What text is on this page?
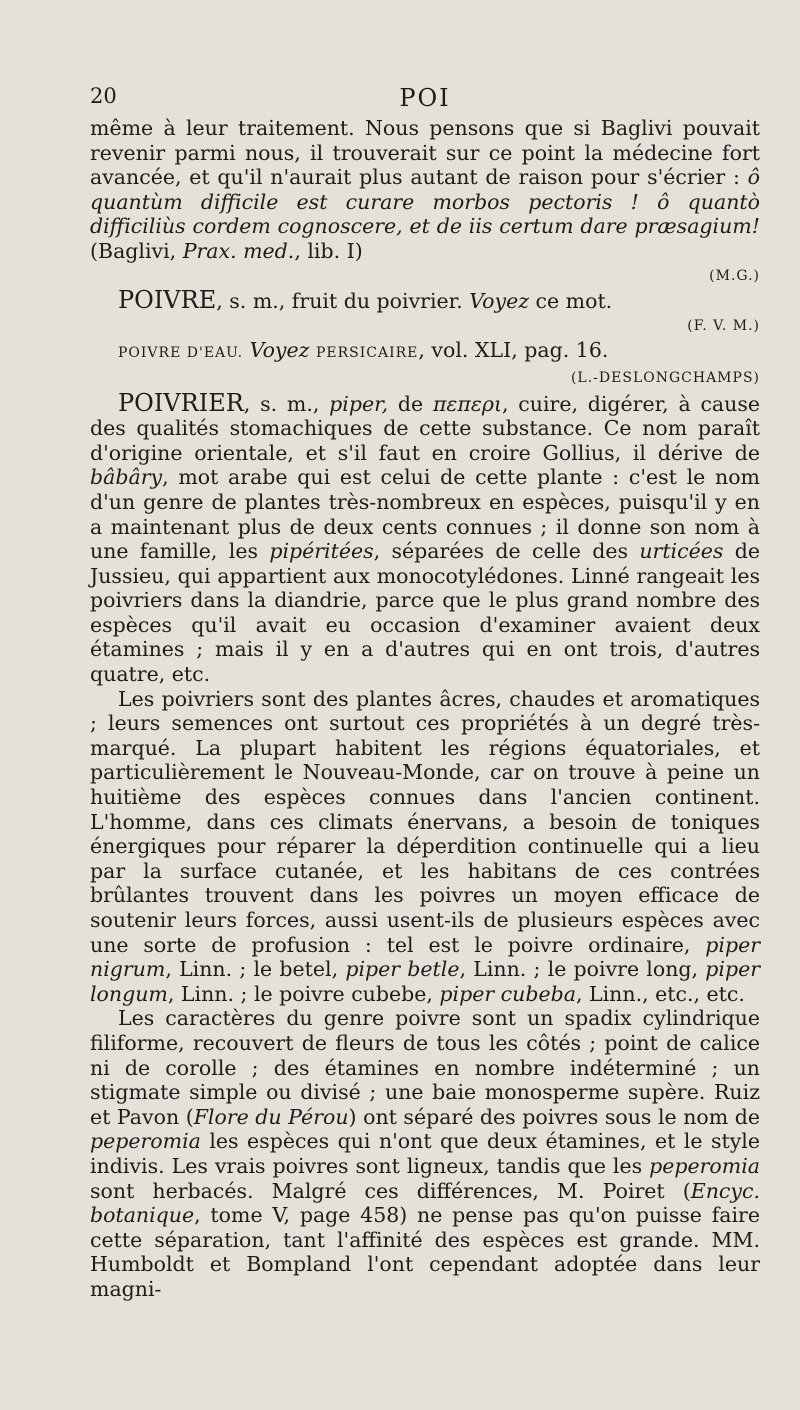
20	POI

même à leur traitement. Nous pensons que si Baglivi pouvait revenir parmi nous, il trouverait sur ce point la médecine fort avancée, et qu'il n'aurait plus autant de raison pour s'écrier : ô quantùm difficile est curare morbos pectoris ! ô quantò difficiliùs cordem cognoscere, et de iis certum dare præsagium! (Baglivi, Prax. med., lib. I)

(M.G.)

POIVRE, s. m., fruit du poivrier. Voyez ce mot.

(F. V. M.)

POIVRE D'EAU. Voyez PERSICAIRE, vol. XLI, pag. 16.

(L.-DESLONGCHAMPS)

POIVRIER, s. m., piper, de πεπερι, cuire, digérer, à cause des qualités stomachiques de cette substance. Ce nom paraît d'origine orientale, et s'il faut en croire Gollius, il dérive de bâbâry, mot arabe qui est celui de cette plante : c'est le nom d'un genre de plantes très-nombreux en espèces, puisqu'il y en a maintenant plus de deux cents connues ; il donne son nom à une famille, les pipéritées, séparées de celle des urticées de Jussieu, qui appartient aux monocotylédones. Linné rangeait les poivriers dans la diandrie, parce que le plus grand nombre des espèces qu'il avait eu occasion d'examiner avaient deux étamines ; mais il y en a d'autres qui en ont trois, d'autres quatre, etc.

Les poivriers sont des plantes âcres, chaudes et aromatiques ; leurs semences ont surtout ces propriétés à un degré très-marqué. La plupart habitent les régions équatoriales, et particulièrement le Nouveau-Monde, car on trouve à peine un huitième des espèces connues dans l'ancien continent. L'homme, dans ces climats énervans, a besoin de toniques énergiques pour réparer la déperdition continuelle qui a lieu par la surface cutanée, et les habitans de ces contrées brûlantes trouvent dans les poivres un moyen efficace de soutenir leurs forces, aussi usent-ils de plusieurs espèces avec une sorte de profusion : tel est le poivre ordinaire, piper nigrum, Linn. ; le betel, piper betle, Linn. ; le poivre long, piper longum, Linn. ; le poivre cubebe, piper cubeba, Linn., etc., etc.

Les caractères du genre poivre sont un spadix cylindrique filiforme, recouvert de fleurs de tous les côtés ; point de calice ni de corolle ; des étamines en nombre indéterminé ; un stigmate simple ou divisé ; une baie monosperme supère. Ruiz et Pavon (Flore du Pérou) ont séparé des poivres sous le nom de peperomia les espèces qui n'ont que deux étamines, et le style indivis. Les vrais poivres sont ligneux, tandis que les peperomia sont herbacés. Malgré ces différences, M. Poiret (Encyc. botanique, tome V, page 458) ne pense pas qu'on puisse faire cette séparation, tant l'affinité des espèces est grande. MM. Humboldt et Bompland l'ont cependant adoptée dans leur magni-
